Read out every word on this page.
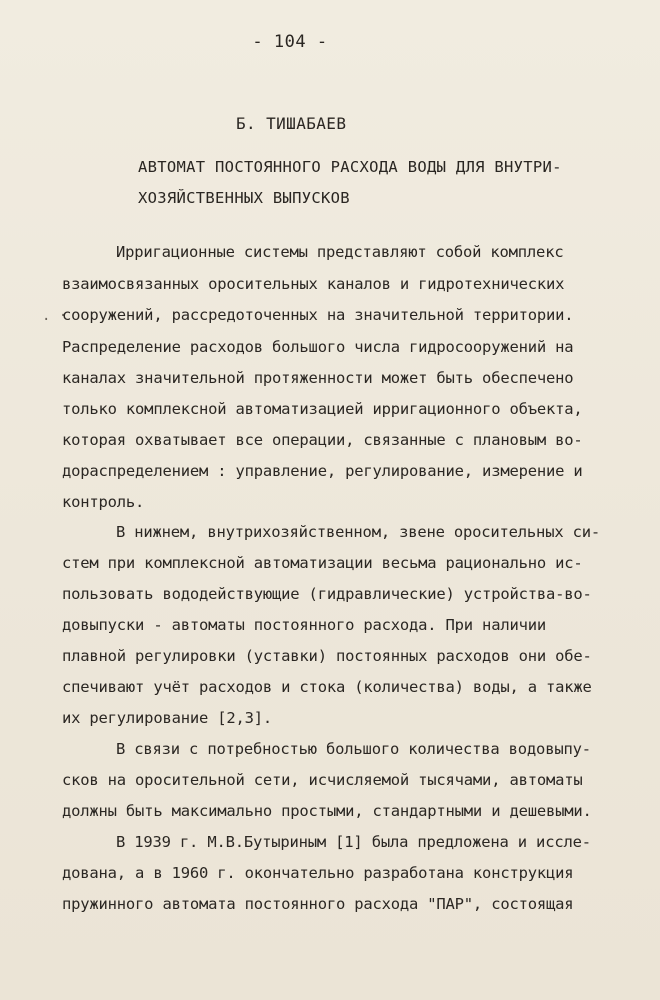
- 104 -
Б. ТИШАБАЕВ
АВТОМАТ ПОСТОЯННОГО РАСХОДА ВОДЫ ДЛЯ ВНУТРИ-
ХОЗЯЙСТВЕННЫХ ВЫПУСКОВ
. ·
Ирригационные системы представляют собой комплекс
взаимосвязанных оросительных каналов и гидротехнических
сооружений, рассредоточенных на значительной территории.
Распределение расходов большого числа гидросооружений на
каналах значительной протяженности может быть обеспечено
только комплексной автоматизацией ирригационного объекта,
которая охватывает все операции, связанные с плановым во-
дораспределением : управление, регулирование, измерение и
контроль.
В нижнем, внутрихозяйственном, звене оросительных си-
стем при комплексной автоматизации весьма рационально ис-
пользовать вододействующие (гидравлические) устройства-во-
довыпуски - автоматы постоянного расхода. При наличии
плавной регулировки (уставки) постоянных расходов они обе-
спечивают учёт расходов и стока (количества) воды, а также
их регулирование [2,3].
В связи с потребностью большого количества водовыпу-
сков на оросительной сети, исчисляемой тысячами, автоматы
должны быть максимально простыми, стандартными и дешевыми.
В 1939 г. М.В.Бутыриным [1] была предложена и иссле-
дована, а в 1960 г. окончательно разработана конструкция
пружинного автомата постоянного расхода "ПАР", состоящая
